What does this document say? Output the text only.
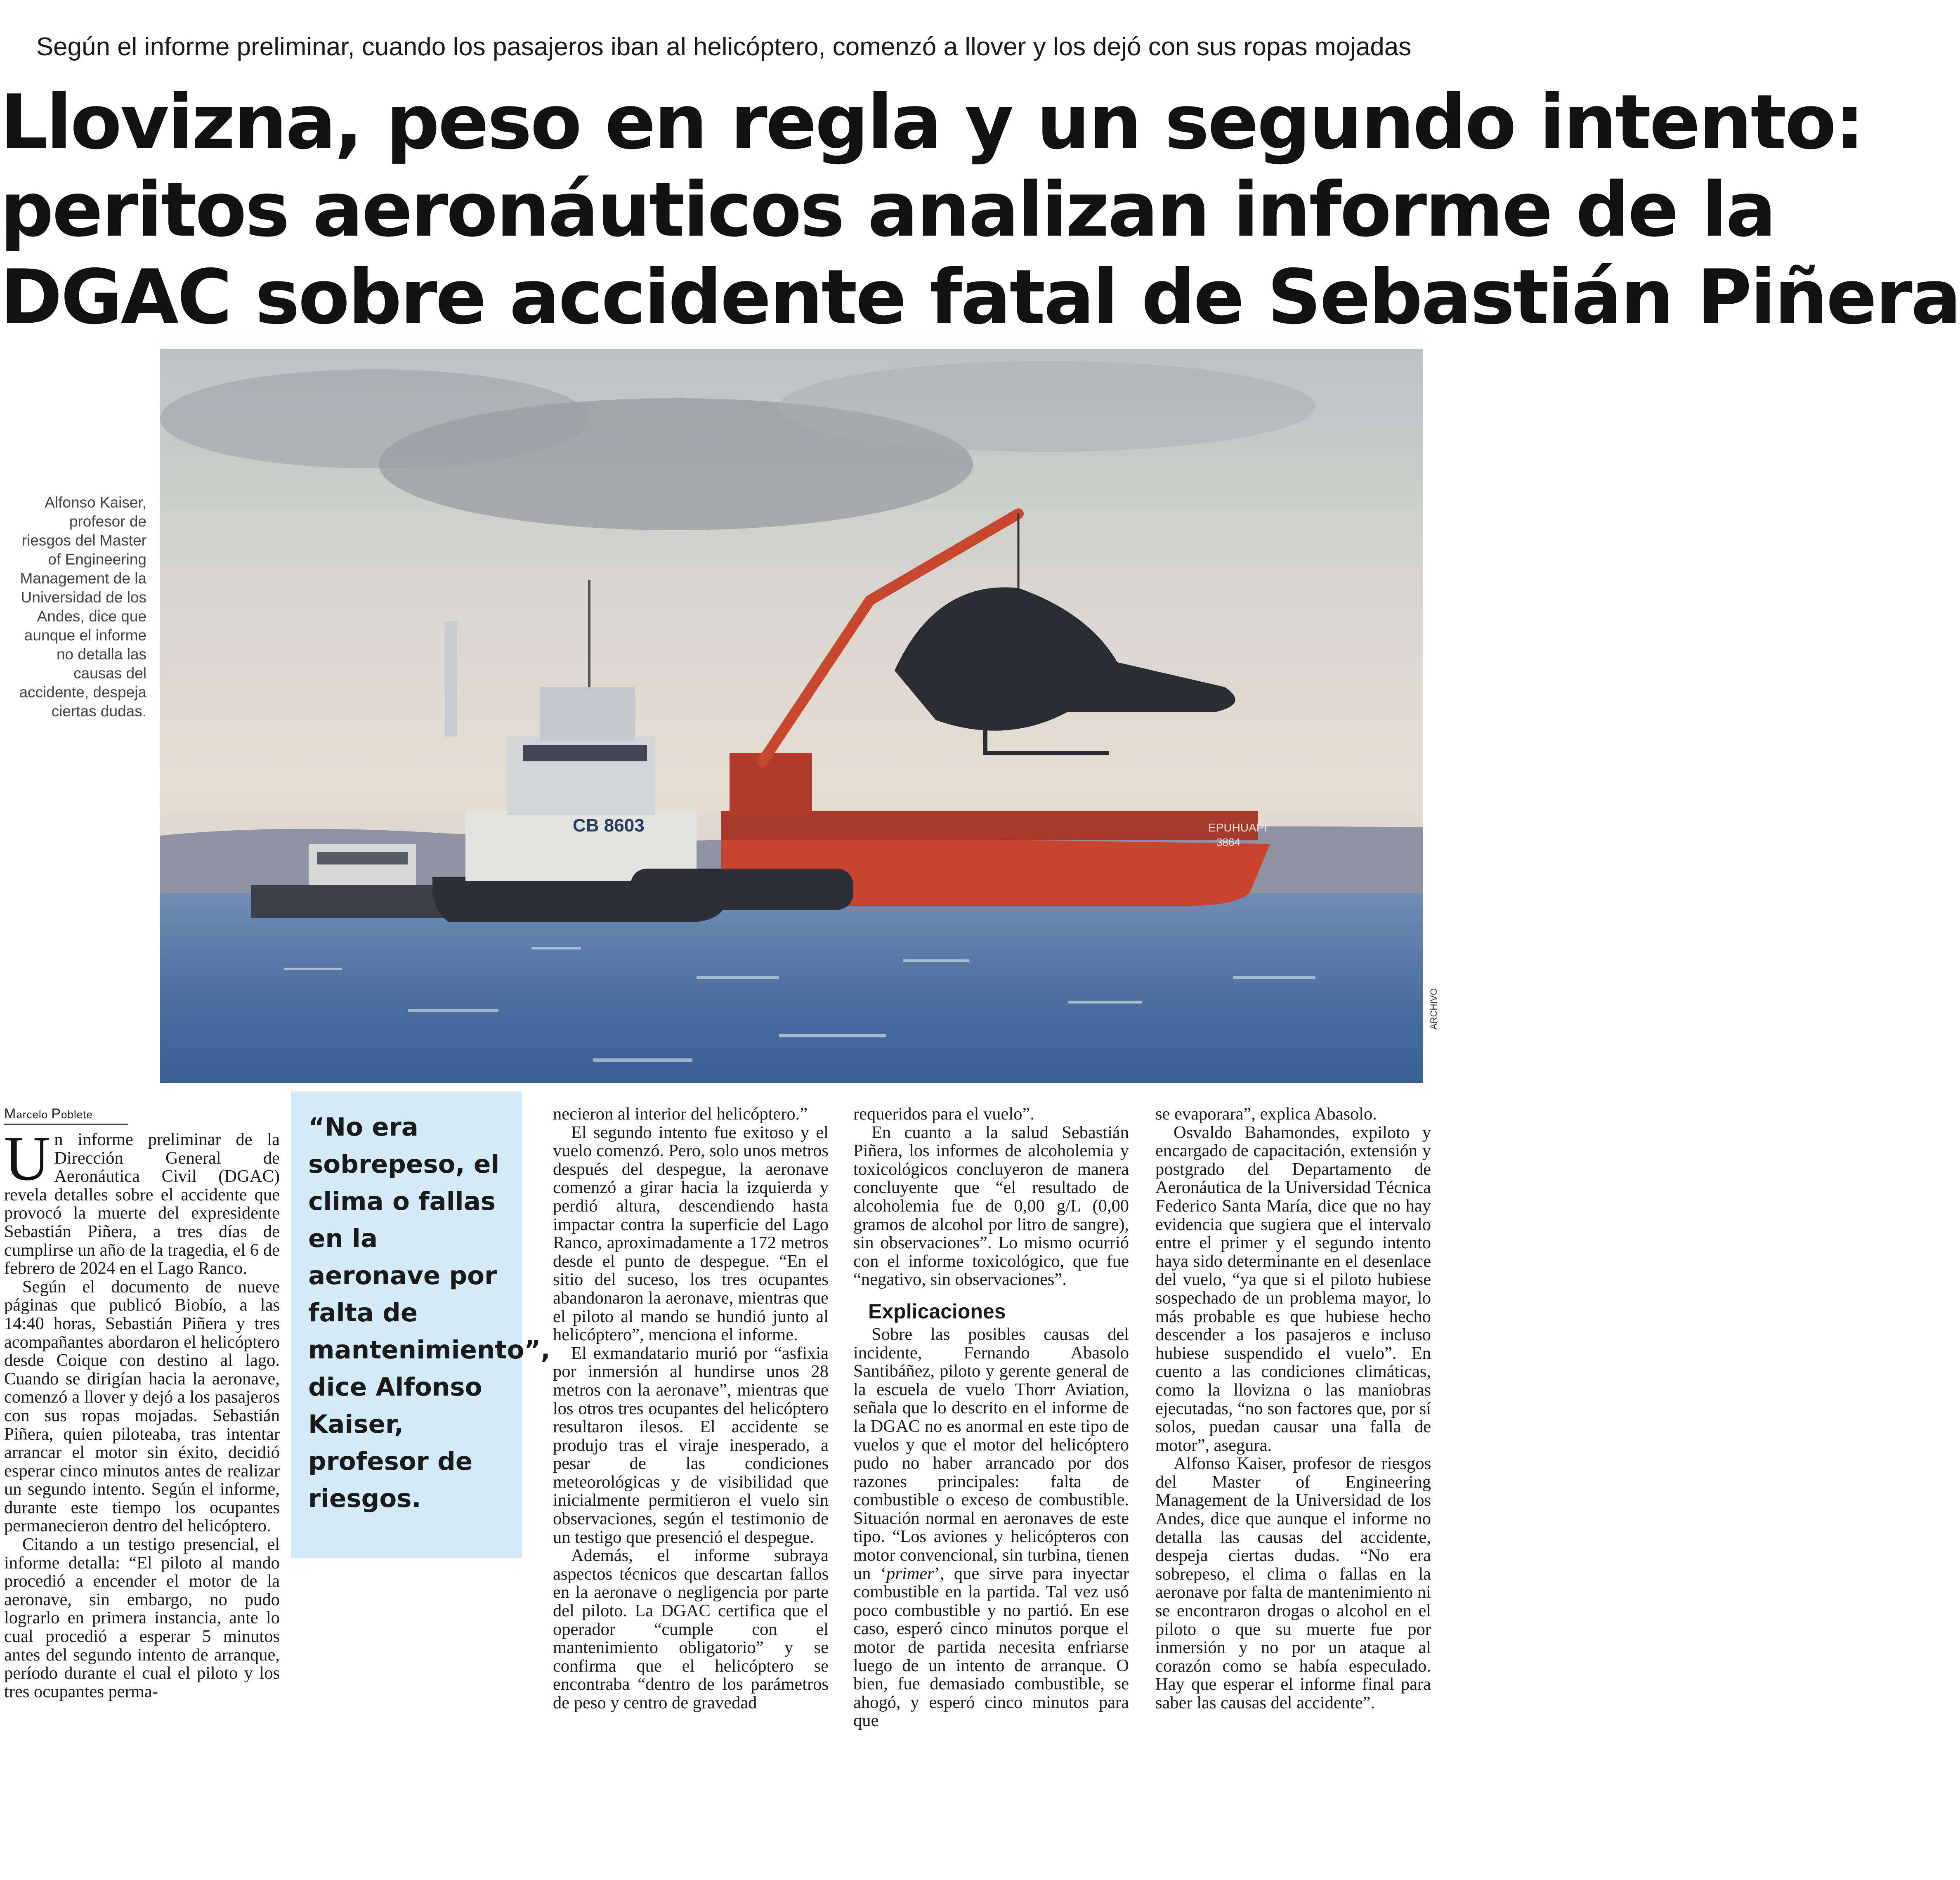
Según el informe preliminar, cuando los pasajeros iban al helicóptero, comenzó a llover y los dejó con sus ropas mojadas
Llovizna, peso en regla y un segundo intento:
peritos aeronáuticos analizan informe de la
DGAC sobre accidente fatal de Sebastián Piñera
Alfonso Kaiser, profesor de riesgos del Master of Engineering Management de la Universidad de los Andes, dice que aunque el informe no detalla las causas del accidente, despeja ciertas dudas.
EPUHUAPI
3864
CB 8603
ARCHIVO
Marcelo Poblete	“No era sobrepeso, el clima o fallas en la aeronave por falta de mantenimiento”, dice Alfonso Kaiser, profesor de riesgos.

Un informe preliminar de la Dirección General de Aeronáutica Civil (DGAC) revela detalles sobre el accidente que provocó la muerte del expresidente Sebastián Piñera, a tres días de cumplirse un año de la tragedia, el 6 de febrero de 2024 en el Lago Ranco.

Según el documento de nueve páginas que publicó Biobío, a las 14:40 horas, Sebastián Piñera y tres acompañantes abordaron el helicóptero desde Coique con destino al lago. Cuando se dirigían hacia la aeronave, comenzó a llover y dejó a los pasajeros con sus ropas mojadas. Sebastián Piñera, quien piloteaba, tras intentar arrancar el motor sin éxito, decidió esperar cinco minutos antes de realizar un segundo intento. Según el informe, durante este tiempo los ocupantes permanecieron dentro del helicóptero.

Citando a un testigo presencial, el informe detalla: “El piloto al mando procedió a encender el motor de la aeronave, sin embargo, no pudo lograrlo en primera instancia, ante lo cual procedió a esperar 5 minutos antes del segundo intento de arranque, período durante el cual el piloto y los tres ocupantes perma-

necieron al interior del helicóptero.”

El segundo intento fue exitoso y el vuelo comenzó. Pero, solo unos metros después del despegue, la aeronave comenzó a girar hacia la izquierda y perdió altura, descendiendo hasta impactar contra la superficie del Lago Ranco, aproximadamente a 172 metros desde el punto de despegue. “En el sitio del suceso, los tres ocupantes abandonaron la aeronave, mientras que el piloto al mando se hundió junto al helicóptero”, menciona el informe.

El exmandatario murió por “asfixia por inmersión al hundirse unos 28 metros con la aeronave”, mientras que los otros tres ocupantes del helicóptero resultaron ilesos. El accidente se produjo tras el viraje inesperado, a pesar de las condiciones meteorológicas y de visibilidad que inicialmente permitieron el vuelo sin observaciones, según el testimonio de un testigo que presenció el despegue.

Además, el informe subraya aspectos técnicos que descartan fallos en la aeronave o negligencia por parte del piloto. La DGAC certifica que el operador “cumple con el mantenimiento obligatorio” y se confirma que el helicóptero se encontraba “dentro de los parámetros de peso y centro de gravedad

requeridos para el vuelo”.

En cuanto a la salud Sebastián Piñera, los informes de alcoholemia y toxicológicos concluyeron de manera concluyente que “el resultado de alcoholemia fue de 0,00 g/L (0,00 gramos de alcohol por litro de sangre), sin observaciones”. Lo mismo ocurrió con el informe toxicológico, que fue “negativo, sin observaciones”.

Explicaciones

Sobre las posibles causas del incidente, Fernando Abasolo Santibáñez, piloto y gerente general de la escuela de vuelo Thorr Aviation, señala que lo descrito en el informe de la DGAC no es anormal en este tipo de vuelos y que el motor del helicóptero pudo no haber arrancado por dos razones principales: falta de combustible o exceso de combustible. Situación normal en aeronaves de este tipo. “Los aviones y helicópteros con motor convencional, sin turbina, tienen un ‘primer’, que sirve para inyectar combustible en la partida. Tal vez usó poco combustible y no partió. En ese caso, esperó cinco minutos porque el motor de partida necesita enfriarse luego de un intento de arranque. O bien, fue demasiado combustible, se ahogó, y esperó cinco minutos para que

se evaporara”, explica Abasolo.

Osvaldo Bahamondes, expiloto y encargado de capacitación, extensión y postgrado del Departamento de Aeronáutica de la Universidad Técnica Federico Santa María, dice que no hay evidencia que sugiera que el intervalo entre el primer y el segundo intento haya sido determinante en el desenlace del vuelo, “ya que si el piloto hubiese sospechado de un problema mayor, lo más probable es que hubiese hecho descender a los pasajeros e incluso hubiese suspendido el vuelo”. En cuento a las condiciones climáticas, como la llovizna o las maniobras ejecutadas, “no son factores que, por sí solos, puedan causar una falla de motor”, asegura.

Alfonso Kaiser, profesor de riesgos del Master of Engineering Management de la Universidad de los Andes, dice que aunque el informe no detalla las causas del accidente, despeja ciertas dudas. “No era sobrepeso, el clima o fallas en la aeronave por falta de mantenimiento ni se encontraron drogas o alcohol en el piloto o que su muerte fue por inmersión y no por un ataque al corazón como se había especulado. Hay que esperar el informe final para saber las causas del accidente”.
